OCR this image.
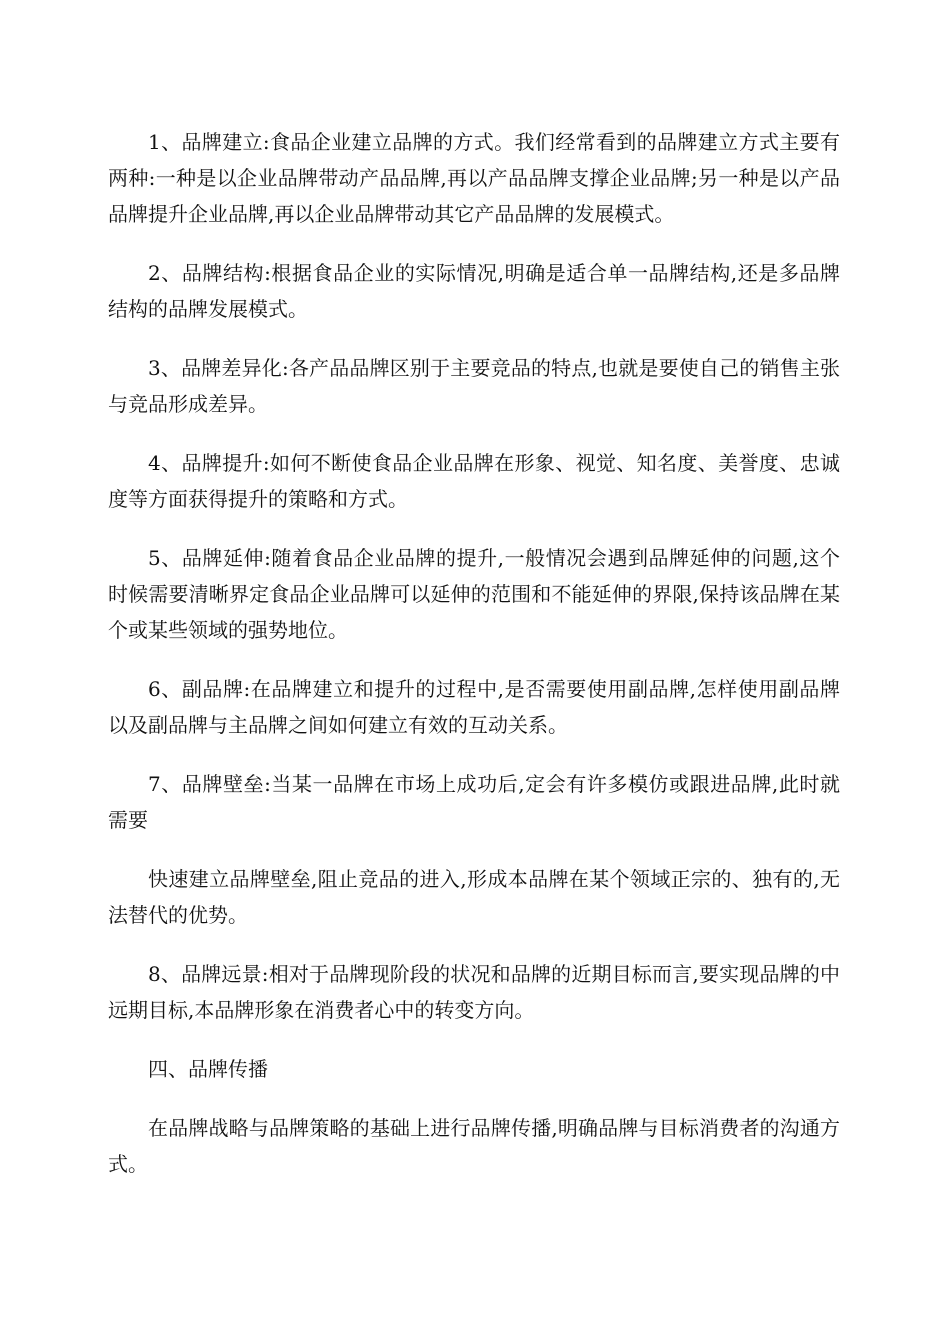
1、品牌建立:食品企业建立品牌的方式。我们经常看到的品牌建立方式主要有两种:一种是以企业品牌带动产品品牌,再以产品品牌支撑企业品牌;另一种是以产品品牌提升企业品牌,再以企业品牌带动其它产品品牌的发展模式。

2、品牌结构:根据食品企业的实际情况,明确是适合单一品牌结构,还是多品牌结构的品牌发展模式。

3、品牌差异化:各产品品牌区别于主要竞品的特点,也就是要使自己的销售主张与竞品形成差异。

4、品牌提升:如何不断使食品企业品牌在形象、视觉、知名度、美誉度、忠诚度等方面获得提升的策略和方式。

5、品牌延伸:随着食品企业品牌的提升,一般情况会遇到品牌延伸的问题,这个时候需要清晰界定食品企业品牌可以延伸的范围和不能延伸的界限,保持该品牌在某个或某些领域的强势地位。

6、副品牌:在品牌建立和提升的过程中,是否需要使用副品牌,怎样使用副品牌以及副品牌与主品牌之间如何建立有效的互动关系。

7、品牌壁垒:当某一品牌在市场上成功后,定会有许多模仿或跟进品牌,此时就需要

快速建立品牌壁垒,阻止竞品的进入,形成本品牌在某个领域正宗的、独有的,无法替代的优势。

8、品牌远景:相对于品牌现阶段的状况和品牌的近期目标而言,要实现品牌的中远期目标,本品牌形象在消费者心中的转变方向。

四、品牌传播

在品牌战略与品牌策略的基础上进行品牌传播,明确品牌与目标消费者的沟通方式。
